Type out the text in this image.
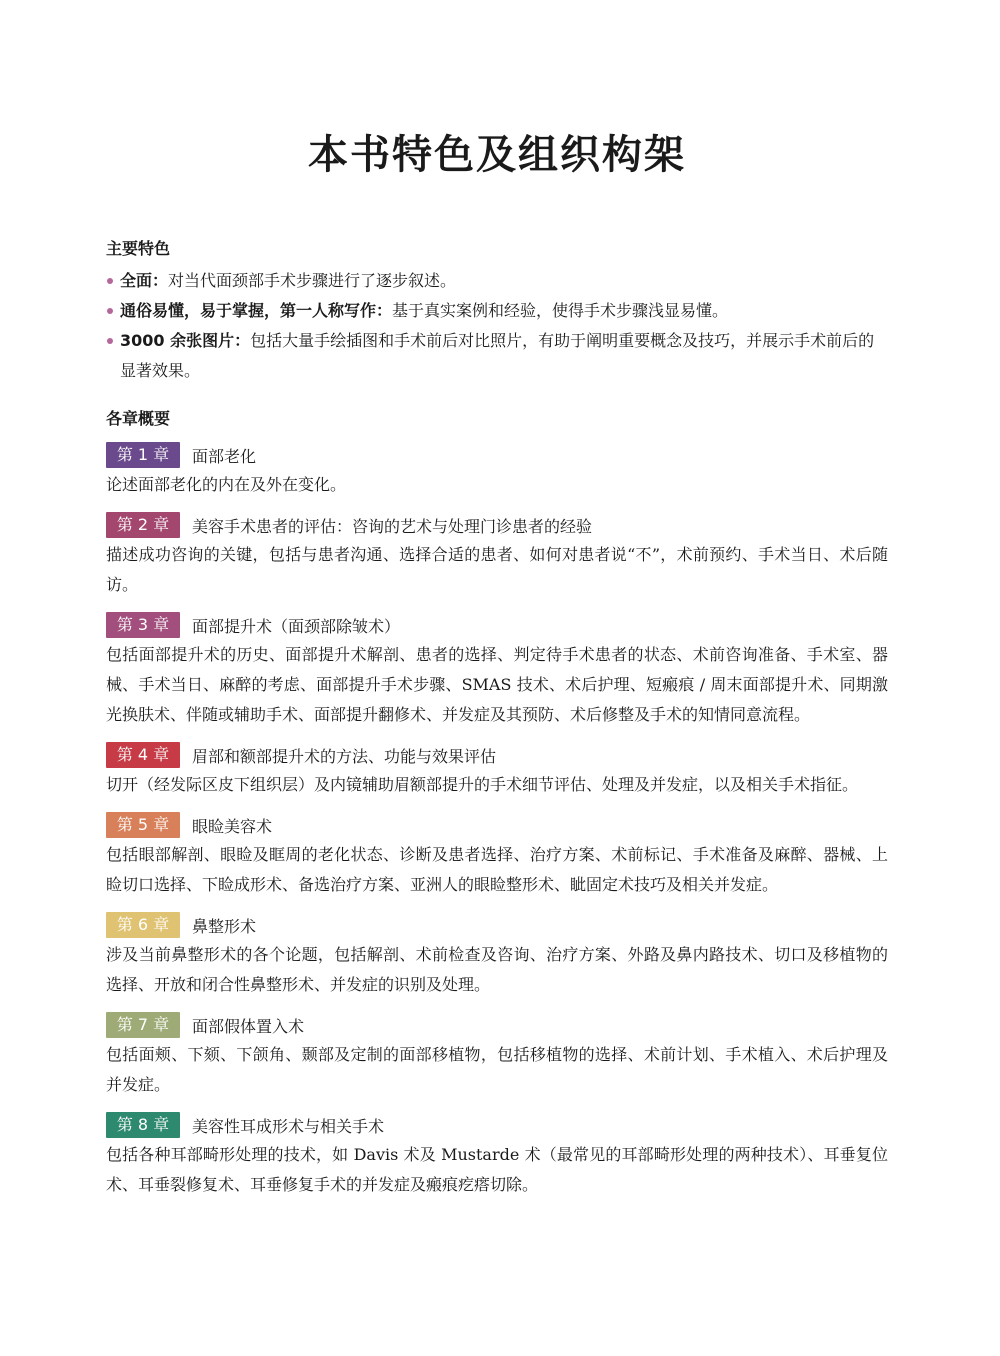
本书特色及组织构架
主要特色
全面：对当代面颈部手术步骤进行了逐步叙述。
通俗易懂，易于掌握，第一人称写作：基于真实案例和经验，使得手术步骤浅显易懂。
3000 余张图片：包括大量手绘插图和手术前后对比照片，有助于阐明重要概念及技巧，并展示手术前后的显著效果。
各章概要
第 1 章	面部老化

论述面部老化的内在及外在变化。

第 2 章	美容手术患者的评估：咨询的艺术与处理门诊患者的经验

描述成功咨询的关键，包括与患者沟通、选择合适的患者、如何对患者说“不”，术前预约、手术当日、术后随访。

第 3 章	面部提升术（面颈部除皱术）

包括面部提升术的历史、面部提升术解剖、患者的选择、判定待手术患者的状态、术前咨询准备、手术室、器械、手术当日、麻醉的考虑、面部提升手术步骤、SMAS 技术、术后护理、短瘢痕 / 周末面部提升术、同期激光换肤术、伴随或辅助手术、面部提升翻修术、并发症及其预防、术后修整及手术的知情同意流程。

第 4 章	眉部和额部提升术的方法、功能与效果评估

切开（经发际区皮下组织层）及内镜辅助眉额部提升的手术细节评估、处理及并发症，以及相关手术指征。

第 5 章	眼睑美容术

包括眼部解剖、眼睑及眶周的老化状态、诊断及患者选择、治疗方案、术前标记、手术准备及麻醉、器械、上睑切口选择、下睑成形术、备选治疗方案、亚洲人的眼睑整形术、眦固定术技巧及相关并发症。

第 6 章	鼻整形术

涉及当前鼻整形术的各个论题，包括解剖、术前检查及咨询、治疗方案、外路及鼻内路技术、切口及移植物的选择、开放和闭合性鼻整形术、并发症的识别及处理。

第 7 章	面部假体置入术

包括面颊、下颏、下颌角、颞部及定制的面部移植物，包括移植物的选择、术前计划、手术植入、术后护理及并发症。

第 8 章	美容性耳成形术与相关手术

包括各种耳部畸形处理的技术，如 Davis 术及 Mustarde 术（最常见的耳部畸形处理的两种技术）、耳垂复位术、耳垂裂修复术、耳垂修复手术的并发症及瘢痕疙瘩切除。
